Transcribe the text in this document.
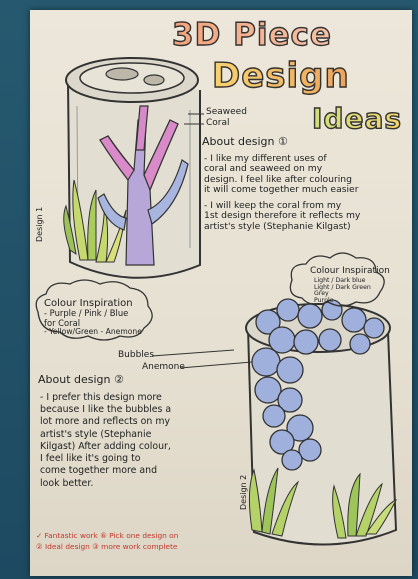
3D Piece
Design
Ideas
Seaweed
Coral
Design 1
About design ①
- I like my different uses of
coral and seaweed on my
design. I feel like after colouring
it will come together much easier
- I will keep the coral from my
1st design therefore it reflects my
artist's style (Stephanie Kilgast)
Colour Inspiration
Light / Dark blue
Light / Dark Green
Grey
Purple
Colour Inspiration
- Purple / Pink / Blue
for Coral
- Yellow/Green - Anemone
Bubbles
Anemone
Design 2
About design ②
- I prefer this design more
because I like the bubbles a
lot more and reflects on my
artist's style (Stephanie
Kilgast) After adding colour,
I feel like it's going to
come together more and
look better.
✓ Fantastic work ⑥ Pick one design on
② Ideal design ③ more work complete
